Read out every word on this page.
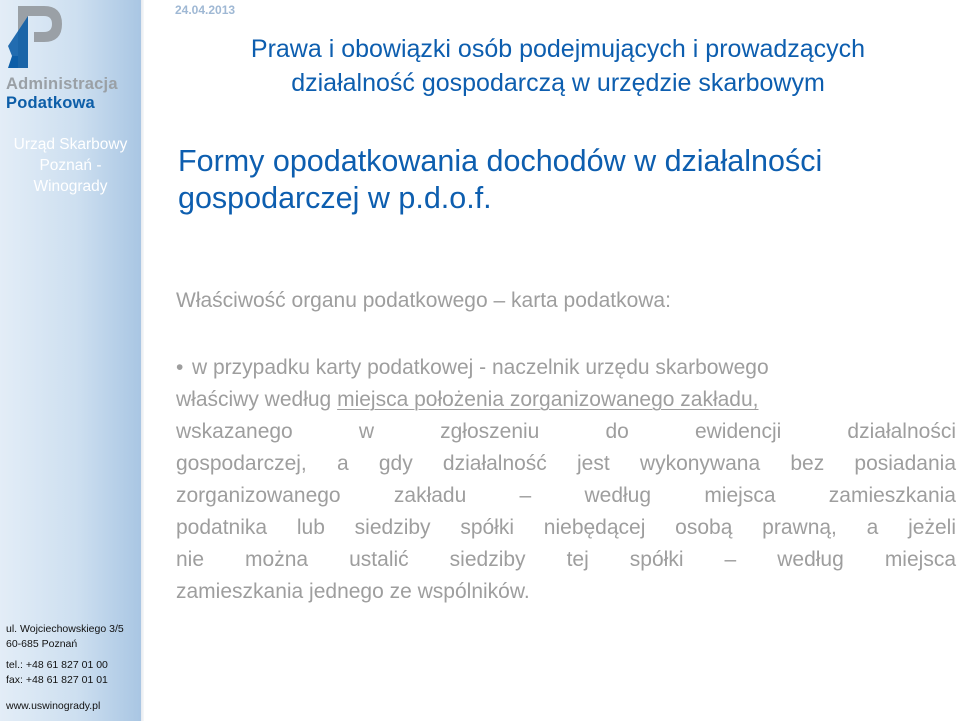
Administracja
Podatkowa
Urząd Skarbowy
Poznań -
Winogrady
ul. Wojciechowskiego 3/5
60-685 Poznań
tel.: +48 61 827 01 00
fax: +48 61 827 01 01
www.uswinogrady.pl
24.04.2013
Prawa i obowiązki osób podejmujących i prowadzących
działalność gospodarczą w urzędzie skarbowym
Formy opodatkowania dochodów w działalności
gospodarczej w p.d.o.f.
Właściwość organu podatkowego – karta podatkowa:
• w przypadku karty podatkowej - naczelnik urzędu skarbowego
właściwy według miejsca położenia zorganizowanego zakładu,
wskazanego w zgłoszeniu do ewidencji działalności
gospodarczej, a gdy działalność jest wykonywana bez posiadania
zorganizowanego zakładu – według miejsca zamieszkania
podatnika lub siedziby spółki niebędącej osobą prawną, a jeżeli
nie można ustalić siedziby tej spółki – według miejsca
zamieszkania jednego ze wspólników.
